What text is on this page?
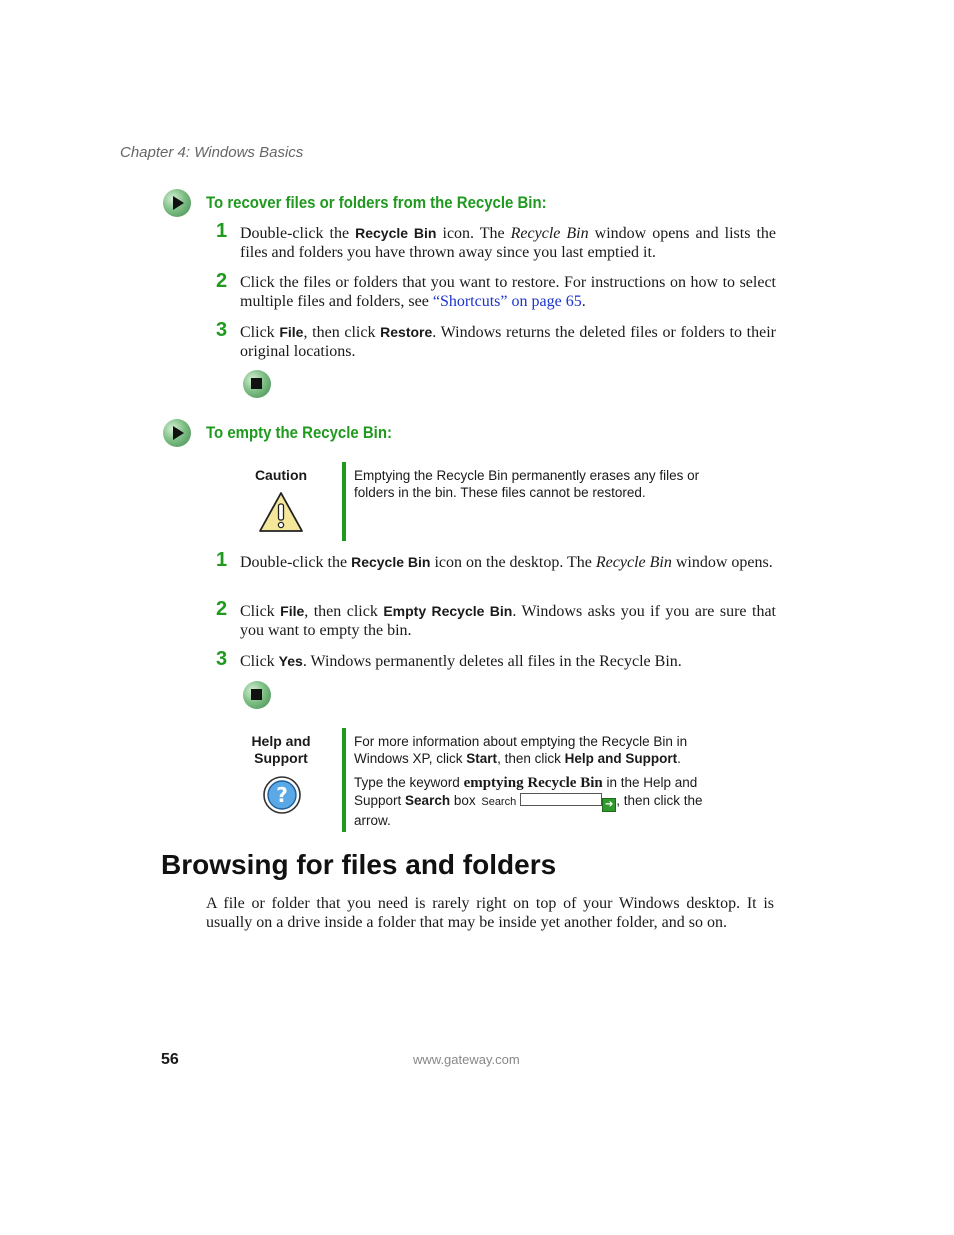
Chapter 4: Windows Basics
To recover files or folders from the Recycle Bin:
1 Double-click the Recycle Bin icon. The Recycle Bin window opens and lists the files and folders you have thrown away since you last emptied it.
2 Click the files or folders that you want to restore. For instructions on how to select multiple files and folders, see “Shortcuts” on page 65.
3 Click File, then click Restore. Windows returns the deleted files or folders to their original locations.
To empty the Recycle Bin:
Caution	Emptying the Recycle Bin permanently erases any files or folders in the bin. These files cannot be restored.
1 Double-click the Recycle Bin icon on the desktop. The Recycle Bin window opens.
2 Click File, then click Empty Recycle Bin. Windows asks you if you are sure that you want to empty the bin.
3 Click Yes. Windows permanently deletes all files in the Recycle Bin.
Help and
Support
?
For more information about emptying the Recycle Bin in Windows XP, click Start, then click Help and Support.
Type the keyword emptying Recycle Bin in the Help and Support Search box Search	➔ , then click the arrow.
Browsing for files and folders
A file or folder that you need is rarely right on top of your Windows desktop. It is usually on a drive inside a folder that may be inside yet another folder, and so on.
56	www.gateway.com
